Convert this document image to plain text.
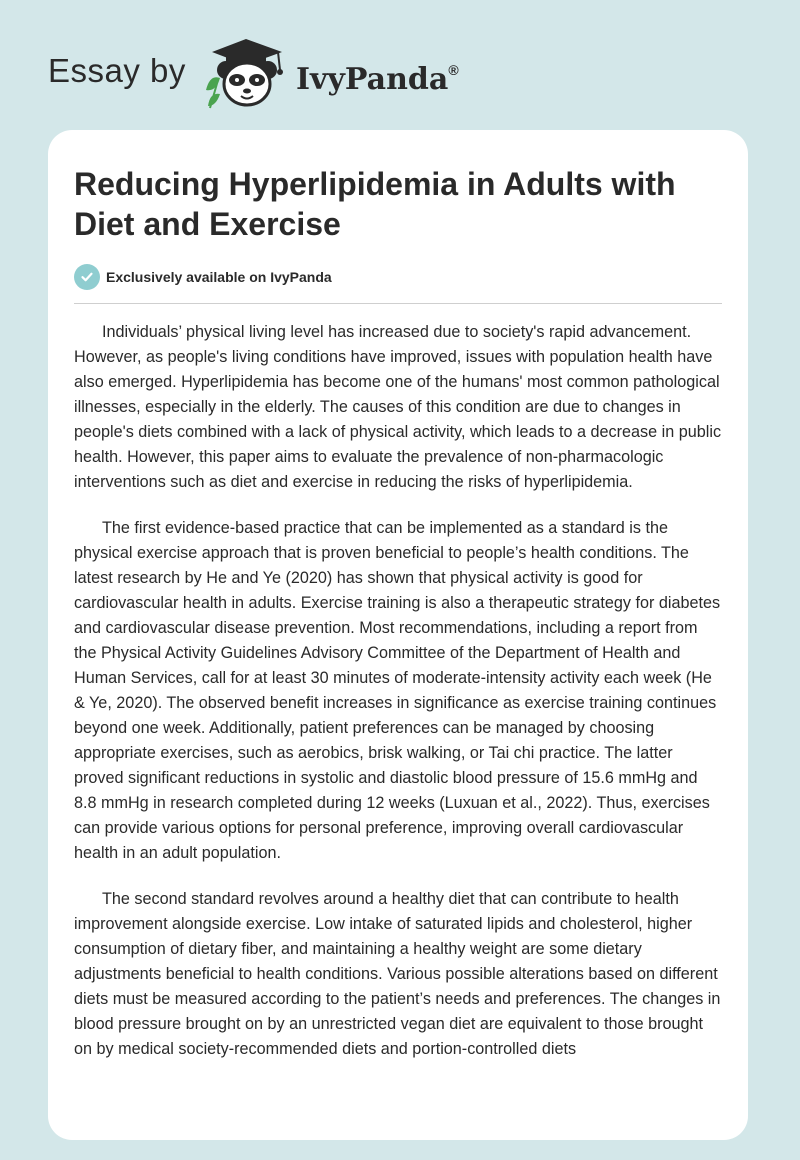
Essay by	IvyPanda®
Reducing Hyperlipidemia in Adults with Diet and Exercise
Exclusively available on IvyPanda

Individuals’ physical living level has increased due to society's rapid advancement. However, as people's living conditions have improved, issues with population health have also emerged. Hyperlipidemia has become one of the humans' most common pathological illnesses, especially in the elderly. The causes of this condition are due to changes in people's diets combined with a lack of physical activity, which leads to a decrease in public health. However, this paper aims to evaluate the prevalence of non-pharmacologic interventions such as diet and exercise in reducing the risks of hyperlipidemia.

The first evidence-based practice that can be implemented as a standard is the physical exercise approach that is proven beneficial to people’s health conditions. The latest research by He and Ye (2020) has shown that physical activity is good for cardiovascular health in adults. Exercise training is also a therapeutic strategy for diabetes and cardiovascular disease prevention. Most recommendations, including a report from the Physical Activity Guidelines Advisory Committee of the Department of Health and Human Services, call for at least 30 minutes of moderate-intensity activity each week (He & Ye, 2020). The observed benefit increases in significance as exercise training continues beyond one week. Additionally, patient preferences can be managed by choosing appropriate exercises, such as aerobics, brisk walking, or Tai chi practice. The latter proved significant reductions in systolic and diastolic blood pressure of 15.6 mmHg and 8.8 mmHg in research completed during 12 weeks (Luxuan et al., 2022). Thus, exercises can provide various options for personal preference, improving overall cardiovascular health in an adult population.

The second standard revolves around a healthy diet that can contribute to health improvement alongside exercise. Low intake of saturated lipids and cholesterol, higher consumption of dietary fiber, and maintaining a healthy weight are some dietary adjustments beneficial to health conditions. Various possible alterations based on different diets must be measured according to the patient’s needs and preferences. The changes in blood pressure brought on by an unrestricted vegan diet are equivalent to those brought on by medical society-recommended diets and portion-controlled diets
